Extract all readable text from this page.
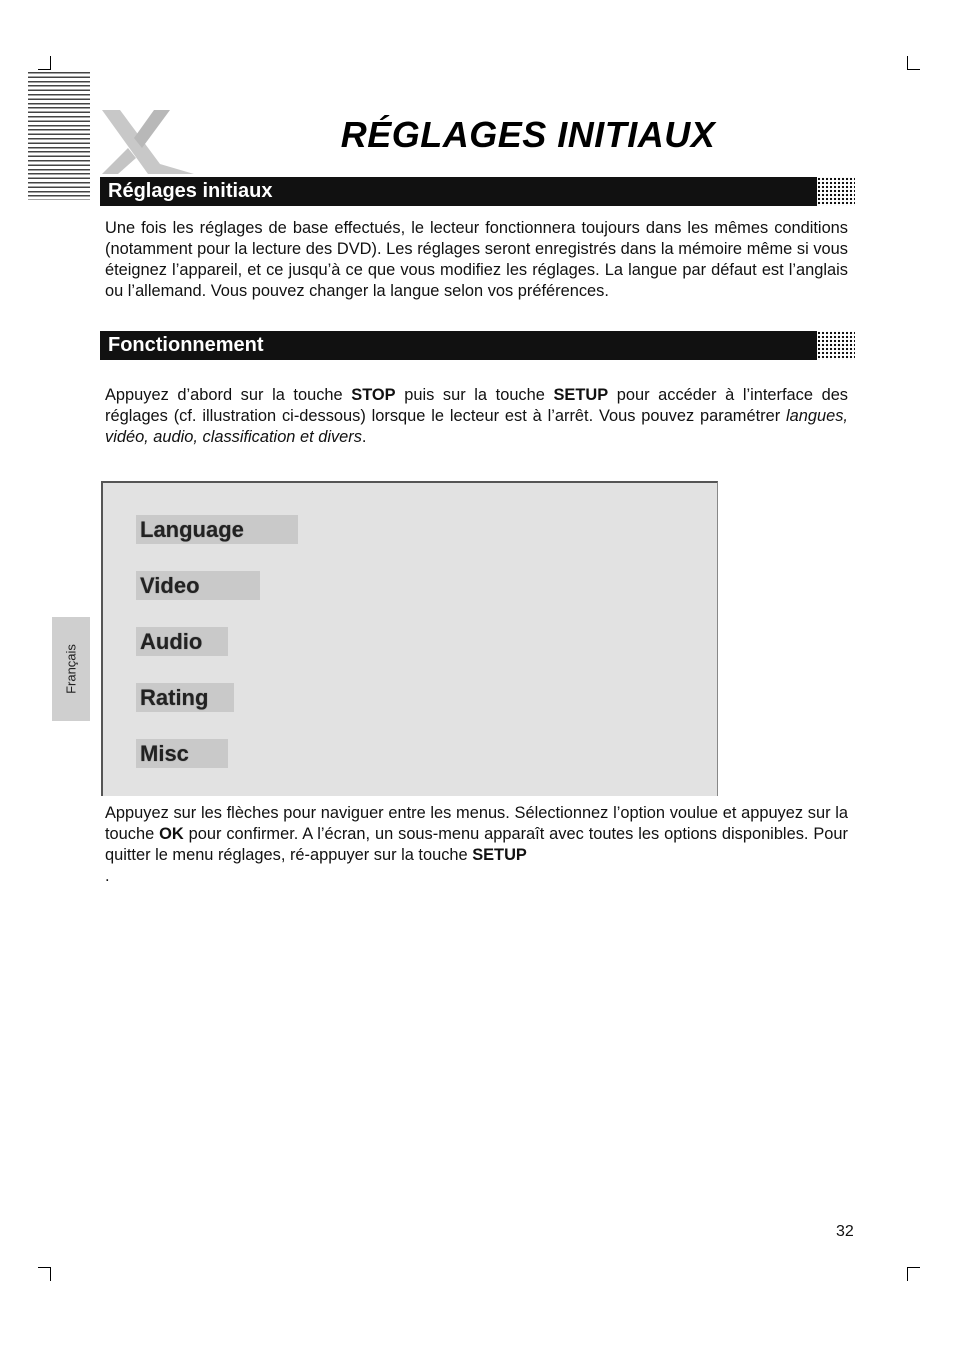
RÉGLAGES INITIAUX
Réglages initiaux

Une fois les réglages de base effectués, le lecteur fonctionnera toujours dans les mêmes conditions (notamment pour la lecture des DVD). Les réglages seront enregistrés dans la mémoire même si vous éteignez l’appareil, et ce jusqu’à ce que vous modifiez les réglages. La langue par défaut est l’anglais ou l’allemand. Vous pouvez changer la langue selon vos préférences.

Fonctionnement

Appuyez d’abord sur la touche STOP puis sur la touche SETUP pour accéder à l’interface des réglages (cf. illustration ci-dessous) lorsque le lecteur est à l’arrêt. Vous pouvez paramétrer langues, vidéo, audio, classification et divers.

Language
Video
Audio
Rating
Misc
Français

Appuyez sur les flèches pour naviguer entre les menus. Sélectionnez l’option voulue et appuyez sur la touche OK pour confirmer. A l’écran, un sous-menu apparaît avec toutes les options disponibles. Pour quitter le menu réglages, ré-appuyer sur la touche SETUP
.

32
